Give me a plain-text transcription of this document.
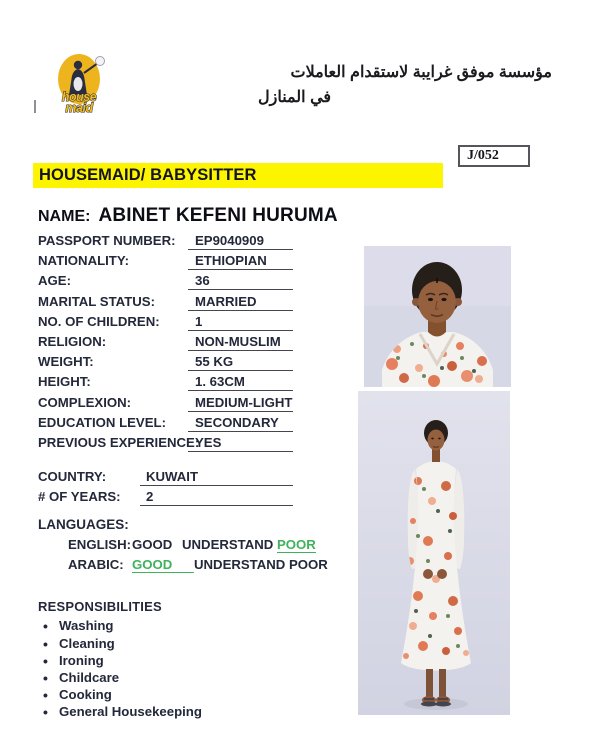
house
maid
مؤسسة موفق غرايبة لاستقدام العاملات
في المنازل
J/052
HOUSEMAID/ BABYSITTER
NAME: ABINET KEFENI HURUMA
PASSPORT NUMBER:	EP9040909
NATIONALITY:	ETHIOPIAN
AGE:	36
MARITAL STATUS:	MARRIED
NO. OF CHILDREN:	1
RELIGION:	NON-MUSLIM
WEIGHT:	55 KG
HEIGHT:	1. 63CM
COMPLEXION:	MEDIUM-LIGHT
EDUCATION LEVEL:	SECONDARY
PREVIOUS EXPERIENCE:
YES
COUNTRY:	KUWAIT
# OF YEARS:	2
LANGUAGES:
ENGLISH: GOOD UNDERSTAND POOR
ARABIC: GOOD	UNDERSTAND POOR
RESPONSIBILITIES
• Washing
• Cleaning
• Ironing
• Childcare
• Cooking
• General Housekeeping
